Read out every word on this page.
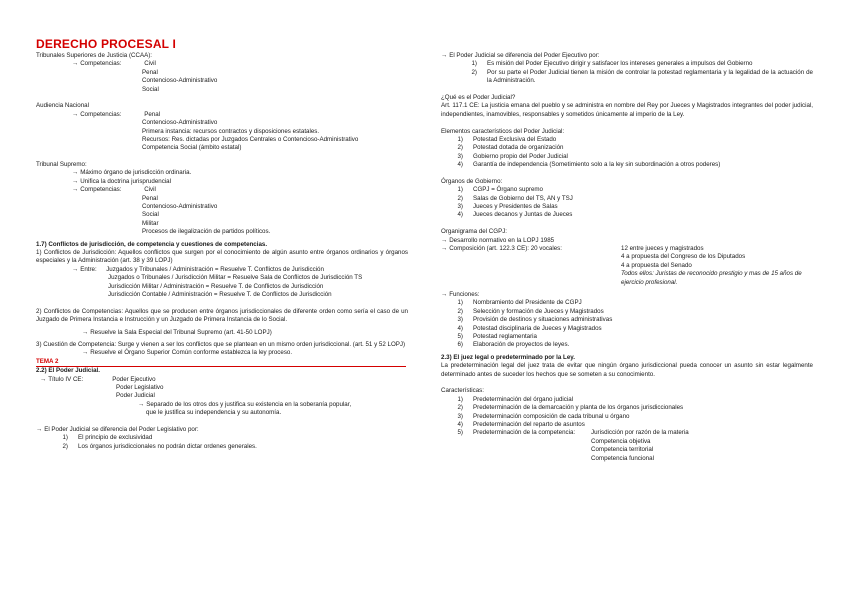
DERECHO PROCESAL I
Tribunales Superiores de Justicia (CCAA):
→ Competencias:	Civil
Penal
Contencioso-Administrativo
Social
Audiencia Nacional
→ Competencias:	Penal
Contencioso-Administrativo
Primera instancia: recursos contractos y disposiciones estatales.
Recursos: Res. dictadas por Juzgados Centrales o Contencioso-Administrativo
Competencia Social (ámbito estatal)
Tribunal Supremo:
→ Máximo órgano de jurisdicción ordinaria.
→ Unifica la doctrina jurisprudencial
→ Competencias:	Civil
Penal
Contencioso-Administrativo
Social
Militar
Procesos de ilegalización de partidos políticos.
1.7) Conflictos de jurisdicción, de competencia y cuestiones de competencias.
1) Conflictos de Jurisdicción: Aquellos conflictos que surgen por el conocimiento de algún asunto entre órganos ordinarios y órganos especiales y la Administración (art. 38 y 39 LOPJ)
→ Entre: Juzgados y Tribunales / Administración = Resuelve T. Conflictos de Jurisdicción
Juzgados o Tribunales / Jurisdicción Militar = Resuelve Sala de Conflictos de Jurisdicción TS
Jurisdicción Militar / Administración = Resuelve T. de Conflictos de Jurisdicción
Jurisdicción Contable / Administración = Resuelve T. de Conflictos de Jurisdicción
2) Conflictos de Competencias: Aquellos que se producen entre órganos jurisdiccionales de diferente orden como sería el caso de un Juzgado de Primera Instancia e Instrucción y un Juzgado de Primera Instancia de lo Social.
→ Resuelve la Sala Especial del Tribunal Supremo (art. 41-50 LOPJ)
3) Cuestión de Competencia: Surge y vienen a ser los conflictos que se plantean en un mismo orden jurisdiccional. (art. 51 y 52 LOPJ)
→ Resuelve el Órgano Superior Común conforme establezca la ley proceso.
TEMA 2
2.2) El Poder Judicial.
→ Título IV CE:	Poder Ejecutivo
Poder Legislativo
Poder Judicial
→ Separado de los otros dos y justifica su existencia en la soberanía popular,
que le justifica su independencia y su autonomía.
→ El Poder Judicial se diferencia del Poder Legislativo por:
1) El principio de exclusividad
2) Los órganos jurisdiccionales no podrán dictar ordenes generales.
→ El Poder Judicial se diferencia del Poder Ejecutivo por:
1) Es misión del Poder Ejecutivo dirigir y satisfacer los intereses generales a impulsos del Gobierno
2) Por su parte el Poder Judicial tienen la misión de controlar la potestad reglamentaria y la legalidad de la actuación de la Administración.
¿Qué es el Poder Judicial?
Art. 117.1 CE: La justicia emana del pueblo y se administra en nombre del Rey por Jueces y Magistrados integrantes del poder judicial, independientes, inamovibles, responsables y sometidos únicamente al imperio de la Ley.
Elementos característicos del Poder Judicial:
1) Potestad Exclusiva del Estado
2) Potestad dotada de organización
3) Gobierno propio del Poder Judicial
4) Garantía de independencia (Sometimiento solo a la ley sin subordinación a otros poderes)
Órganos de Gobierno:
1) CGPJ = Órgano supremo
2) Salas de Gobierno del TS, AN y TSJ
3) Jueces y Presidentes de Salas
4) Jueces decanos y Juntas de Jueces
Organigrama del CGPJ:
→ Desarrollo normativo en la LOPJ 1985
→ Composición (art. 122.3 CE): 20 vocales:	12 entre jueces y magistrados
4 a propuesta del Congreso de los Diputados
4 a propuesta del Senado
Todos ellos: Juristas de reconocido prestigio y mas de 15 años de ejercicio profesional.
→ Funciones:
1) Nombramiento del Presidente de CGPJ
2) Selección y formación de Jueces y Magistrados
3) Provisión de destinos y situaciones administrativas
4) Potestad disciplinaria de Jueces y Magistrados
5) Potestad reglamentaria
6) Elaboración de proyectos de leyes.
2.3) El juez legal o predeterminado por la Ley.
La predeterminación legal del juez trata de evitar que ningún órgano jurisdiccional pueda conocer un asunto sin estar legalmente determinado antes de suceder los hechos que se someten a su conocimiento.
Características:
1) Predeterminación del órgano judicial
2) Predeterminación de la demarcación y planta de los órganos jurisdiccionales
3) Predeterminación composición de cada tribunal u órgano
4) Predeterminación del reparto de asuntos
5) Predeterminación de la competencia:	Jurisdicción por razón de la materia
Competencia objetiva
Competencia territorial
Competencia funcional
